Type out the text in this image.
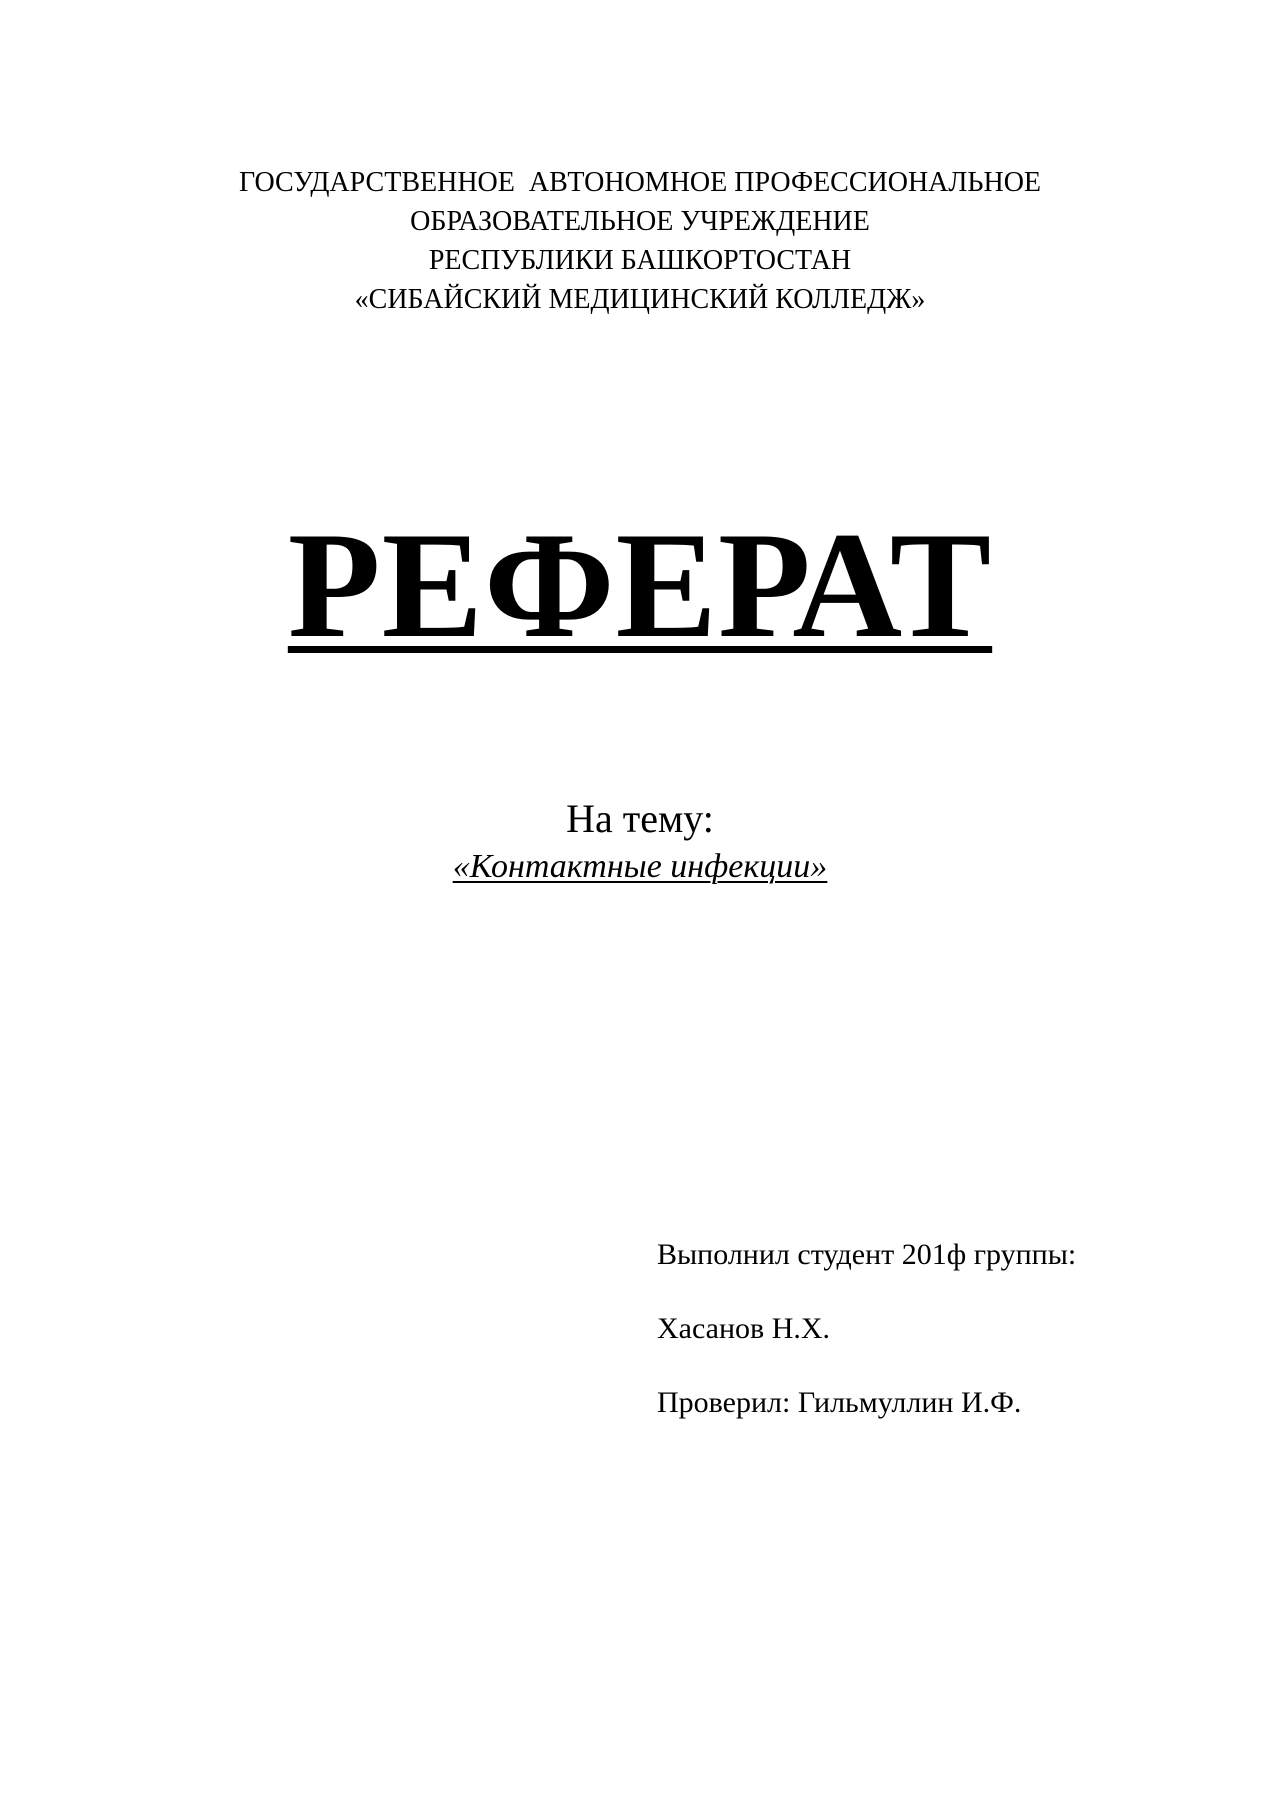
ГОСУДАРСТВЕННОЕ  АВТОНОМНОЕ ПРОФЕССИОНАЛЬНОЕ
ОБРАЗОВАТЕЛЬНОЕ УЧРЕЖДЕНИЕ
РЕСПУБЛИКИ БАШКОРТОСТАН
«СИБАЙСКИЙ МЕДИЦИНСКИЙ КОЛЛЕДЖ»
РЕФЕРАТ
На тему:
«Контактные инфекции»
Выполнил студент 201ф группы:
Хасанов Н.Х.
Проверил: Гильмуллин И.Ф.
